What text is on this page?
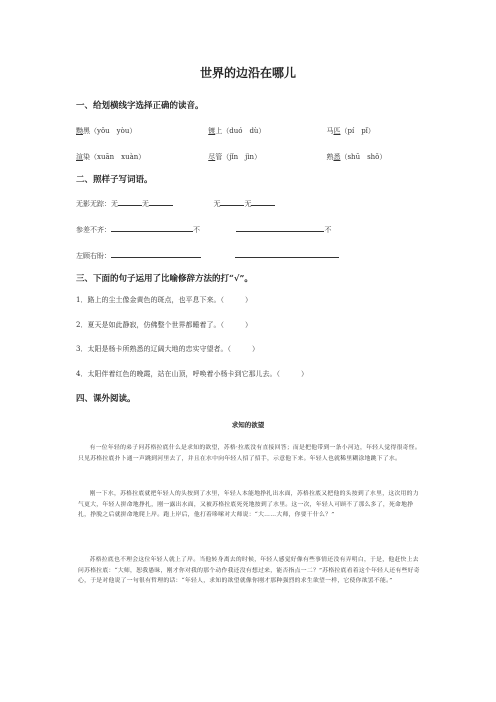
世界的边沿在哪儿
一、给划横线字选择正确的读音。
黝黑（yǒu　yòu）	镀上（duó　dù）	马匹（pí　pǐ）
渲染（xuān　xuàn）	尽管（jǐn　jìn）	熟悉（shū　shǒ）
二、照样子写词语。
无影无踪：无	无	无	无
参差不齐：	不	不
左顾右盼：
三、下面的句子运用了比喻修辞方法的打“√”。
1．路上的尘土像金黄色的斑点，也平息下来。（　　　）
2．夏天是如此静寂，仿佛整个世界都睡着了。（　　　）
3．太阳是杨卡所熟悉的辽阔大地的忠实守望者。（　　　）
4．太阳伴着红色的晚霞，站在山顶，呼唤着小杨卡到它那儿去。（　　　）
四、课外阅读。
求知的欲望
有一位年轻的弟子问苏格拉底什么是求知的欲望，苏格·拉底没有直接回答；而是把他带到一条小河边，年轻人觉得很奇怪。只见苏格拉底扑卜通一声跳到河里去了，并且在水中向年轻人招了招手，示意他下来。年轻人也就稀里糊涂地跳下了水。
刚一下水，苏格拉底就把年轻人的头按到了水里，年轻人本能地挣扎出水面，苏格拉底又把他的头按到了水里，这次用的力气更大，年轻人拼命地挣扎，刚一露出水面，又被苏格拉底死死地按到了水里。这一次，年轻人可顾不了那么多了，死命地挣扎，挣脱之后就拼命地爬上岸。跑上岸后，他打着哆嗦对大师说：“大……大师，你要干什么？”
苏格拉底也不理会这位年轻人就上了岸。当他转身离去的时候，年轻人感觉好像有些事情还没有弄明白，于是，他赶快上去问苏格拉底：“大师，恕我愚昧，刚才你对我的那个动作我还没有想过来，能否指点一二？”苏格拉底看着这个年轻人还有些好奇心，于是对他说了一句很有哲理的话：“年轻人，求知的欲望就像你刚才那种强烈的求生欲望一样，它使你欲罢不能。”
